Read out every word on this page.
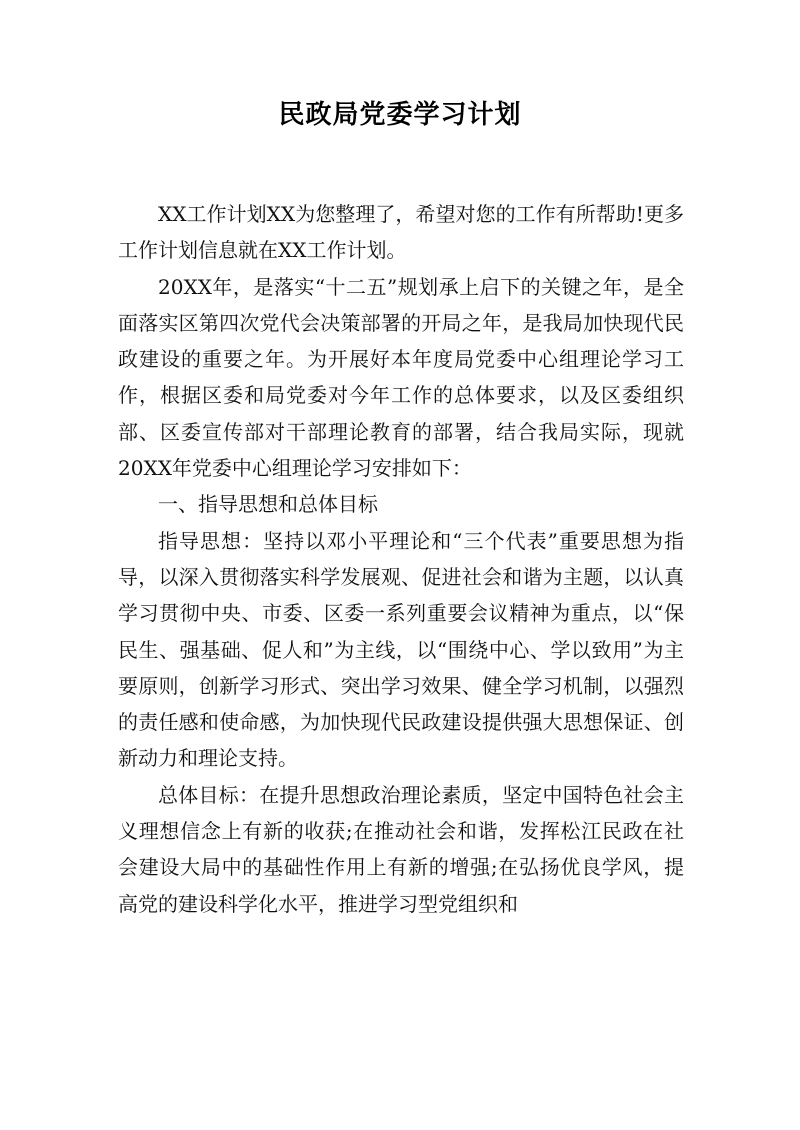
民政局党委学习计划

XX工作计划XX为您整理了，希望对您的工作有所帮助!更多工作计划信息就在XX工作计划。

20XX年，是落实“十二五”规划承上启下的关键之年，是全面落实区第四次党代会决策部署的开局之年，是我局加快现代民政建设的重要之年。为开展好本年度局党委中心组理论学习工作，根据区委和局党委对今年工作的总体要求，以及区委组织部、区委宣传部对干部理论教育的部署，结合我局实际，现就20XX年党委中心组理论学习安排如下：

一、指导思想和总体目标

指导思想：坚持以邓小平理论和“三个代表”重要思想为指导，以深入贯彻落实科学发展观、促进社会和谐为主题，以认真学习贯彻中央、市委、区委一系列重要会议精神为重点，以“保民生、强基础、促人和”为主线，以“围绕中心、学以致用”为主要原则，创新学习形式、突出学习效果、健全学习机制，以强烈的责任感和使命感，为加快现代民政建设提供强大思想保证、创新动力和理论支持。

总体目标：在提升思想政治理论素质，坚定中国特色社会主义理想信念上有新的收获;在推动社会和谐，发挥松江民政在社会建设大局中的基础性作用上有新的增强;在弘扬优良学风，提高党的建设科学化水平，推进学习型党组织和
